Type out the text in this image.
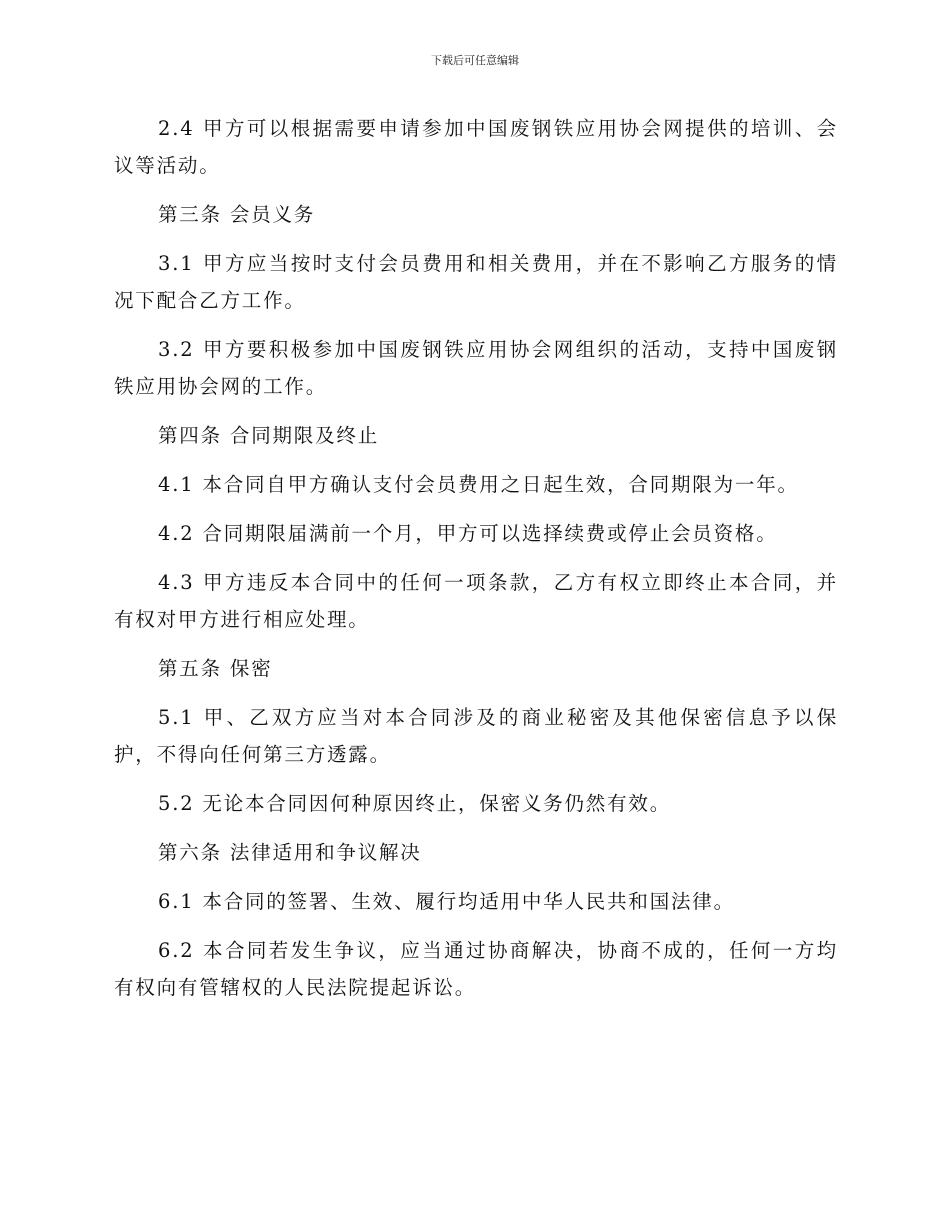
下载后可任意编辑

2.4 甲方可以根据需要申请参加中国废钢铁应用协会网提供的培训、会议等活动。

第三条 会员义务

3.1 甲方应当按时支付会员费用和相关费用，并在不影响乙方服务的情况下配合乙方工作。

3.2 甲方要积极参加中国废钢铁应用协会网组织的活动，支持中国废钢铁应用协会网的工作。

第四条 合同期限及终止

4.1 本合同自甲方确认支付会员费用之日起生效，合同期限为一年。

4.2 合同期限届满前一个月，甲方可以选择续费或停止会员资格。

4.3 甲方违反本合同中的任何一项条款，乙方有权立即终止本合同，并有权对甲方进行相应处理。

第五条 保密

5.1 甲、乙双方应当对本合同涉及的商业秘密及其他保密信息予以保护，不得向任何第三方透露。

5.2 无论本合同因何种原因终止，保密义务仍然有效。

第六条 法律适用和争议解决

6.1 本合同的签署、生效、履行均适用中华人民共和国法律。

6.2 本合同若发生争议，应当通过协商解决，协商不成的，任何一方均有权向有管辖权的人民法院提起诉讼。
